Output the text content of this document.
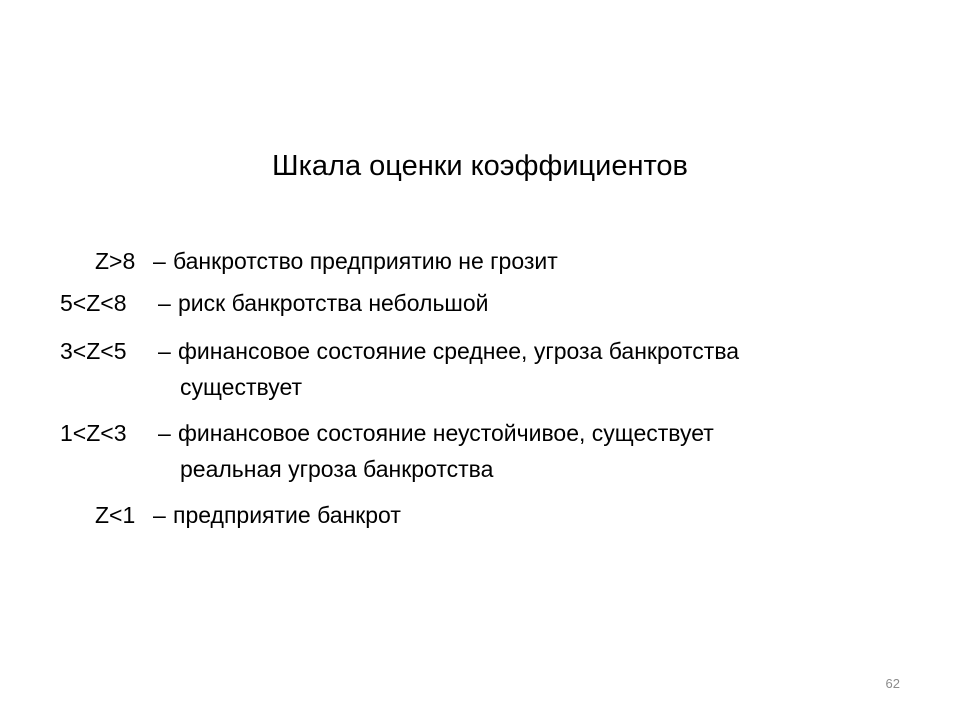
Шкала оценки коэффициентов
Z>8 – банкротство предприятию не грозит
5<Z<8 – риск банкротства небольшой
3<Z<5 – финансовое состояние среднее, угроза банкротства
существует
1<Z<3 – финансовое состояние неустойчивое, существует
реальная угроза банкротства
Z<1 – предприятие банкрот
62
